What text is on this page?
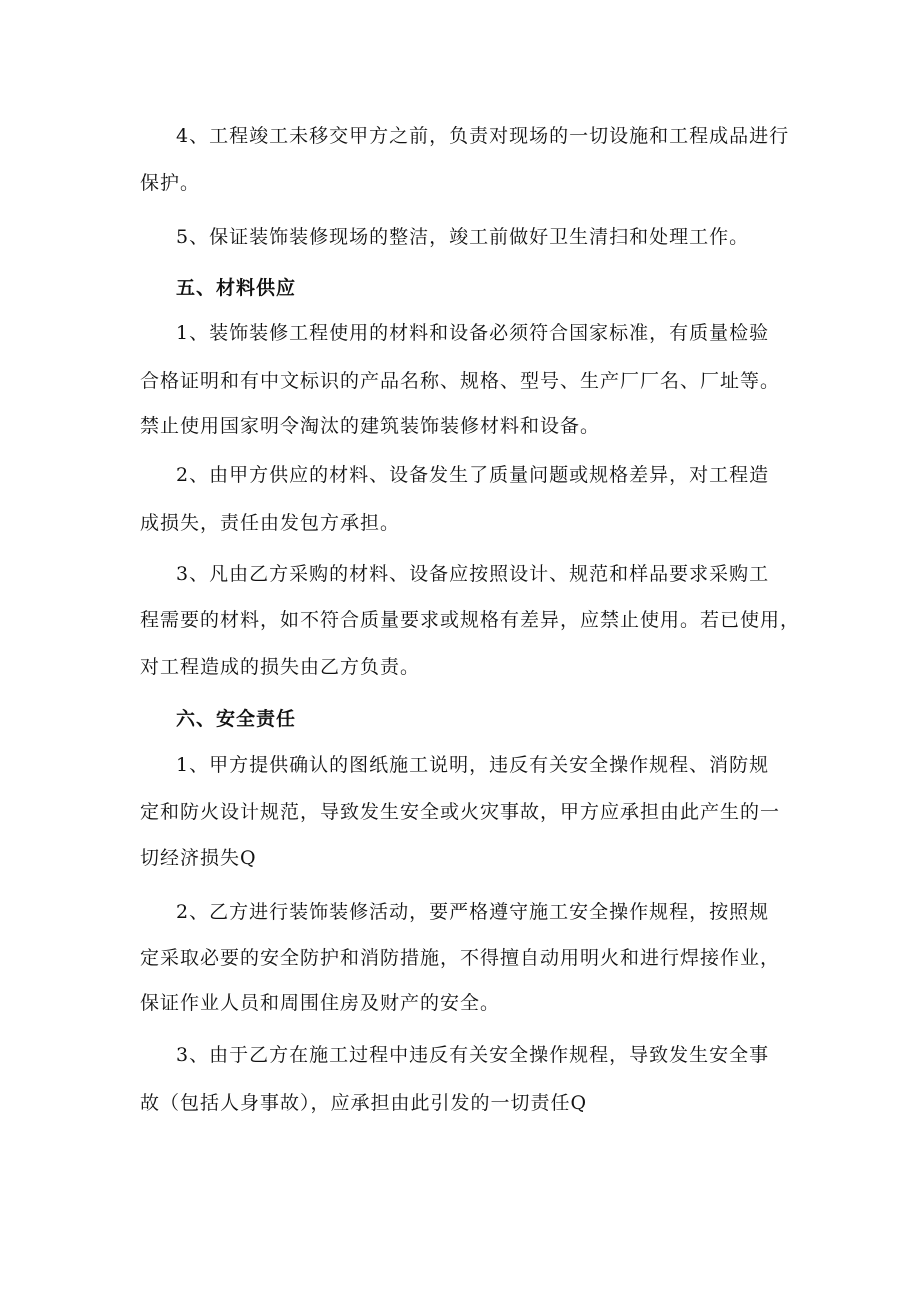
4、工程竣工未移交甲方之前，负责对现场的一切设施和工程成品进行
保护。
5、保证装饰装修现场的整洁，竣工前做好卫生清扫和处理工作。
五、材料供应
1、装饰装修工程使用的材料和设备必须符合国家标准，有质量检验
合格证明和有中文标识的产品名称、规格、型号、生产厂厂名、厂址等。
禁止使用国家明令淘汰的建筑装饰装修材料和设备。
2、由甲方供应的材料、设备发生了质量问题或规格差异，对工程造
成损失，责任由发包方承担。
3、凡由乙方采购的材料、设备应按照设计、规范和样品要求采购工
程需要的材料，如不符合质量要求或规格有差异，应禁止使用。若已使用，
对工程造成的损失由乙方负责。
六、安全责任
1、甲方提供确认的图纸施工说明，违反有关安全操作规程、消防规
定和防火设计规范，导致发生安全或火灾事故，甲方应承担由此产生的一
切经济损失Q
2、乙方进行装饰装修活动，要严格遵守施工安全操作规程，按照规
定采取必要的安全防护和消防措施，不得擅自动用明火和进行焊接作业，
保证作业人员和周围住房及财产的安全。
3、由于乙方在施工过程中违反有关安全操作规程，导致发生安全事
故（包括人身事故），应承担由此引发的一切责任Q
